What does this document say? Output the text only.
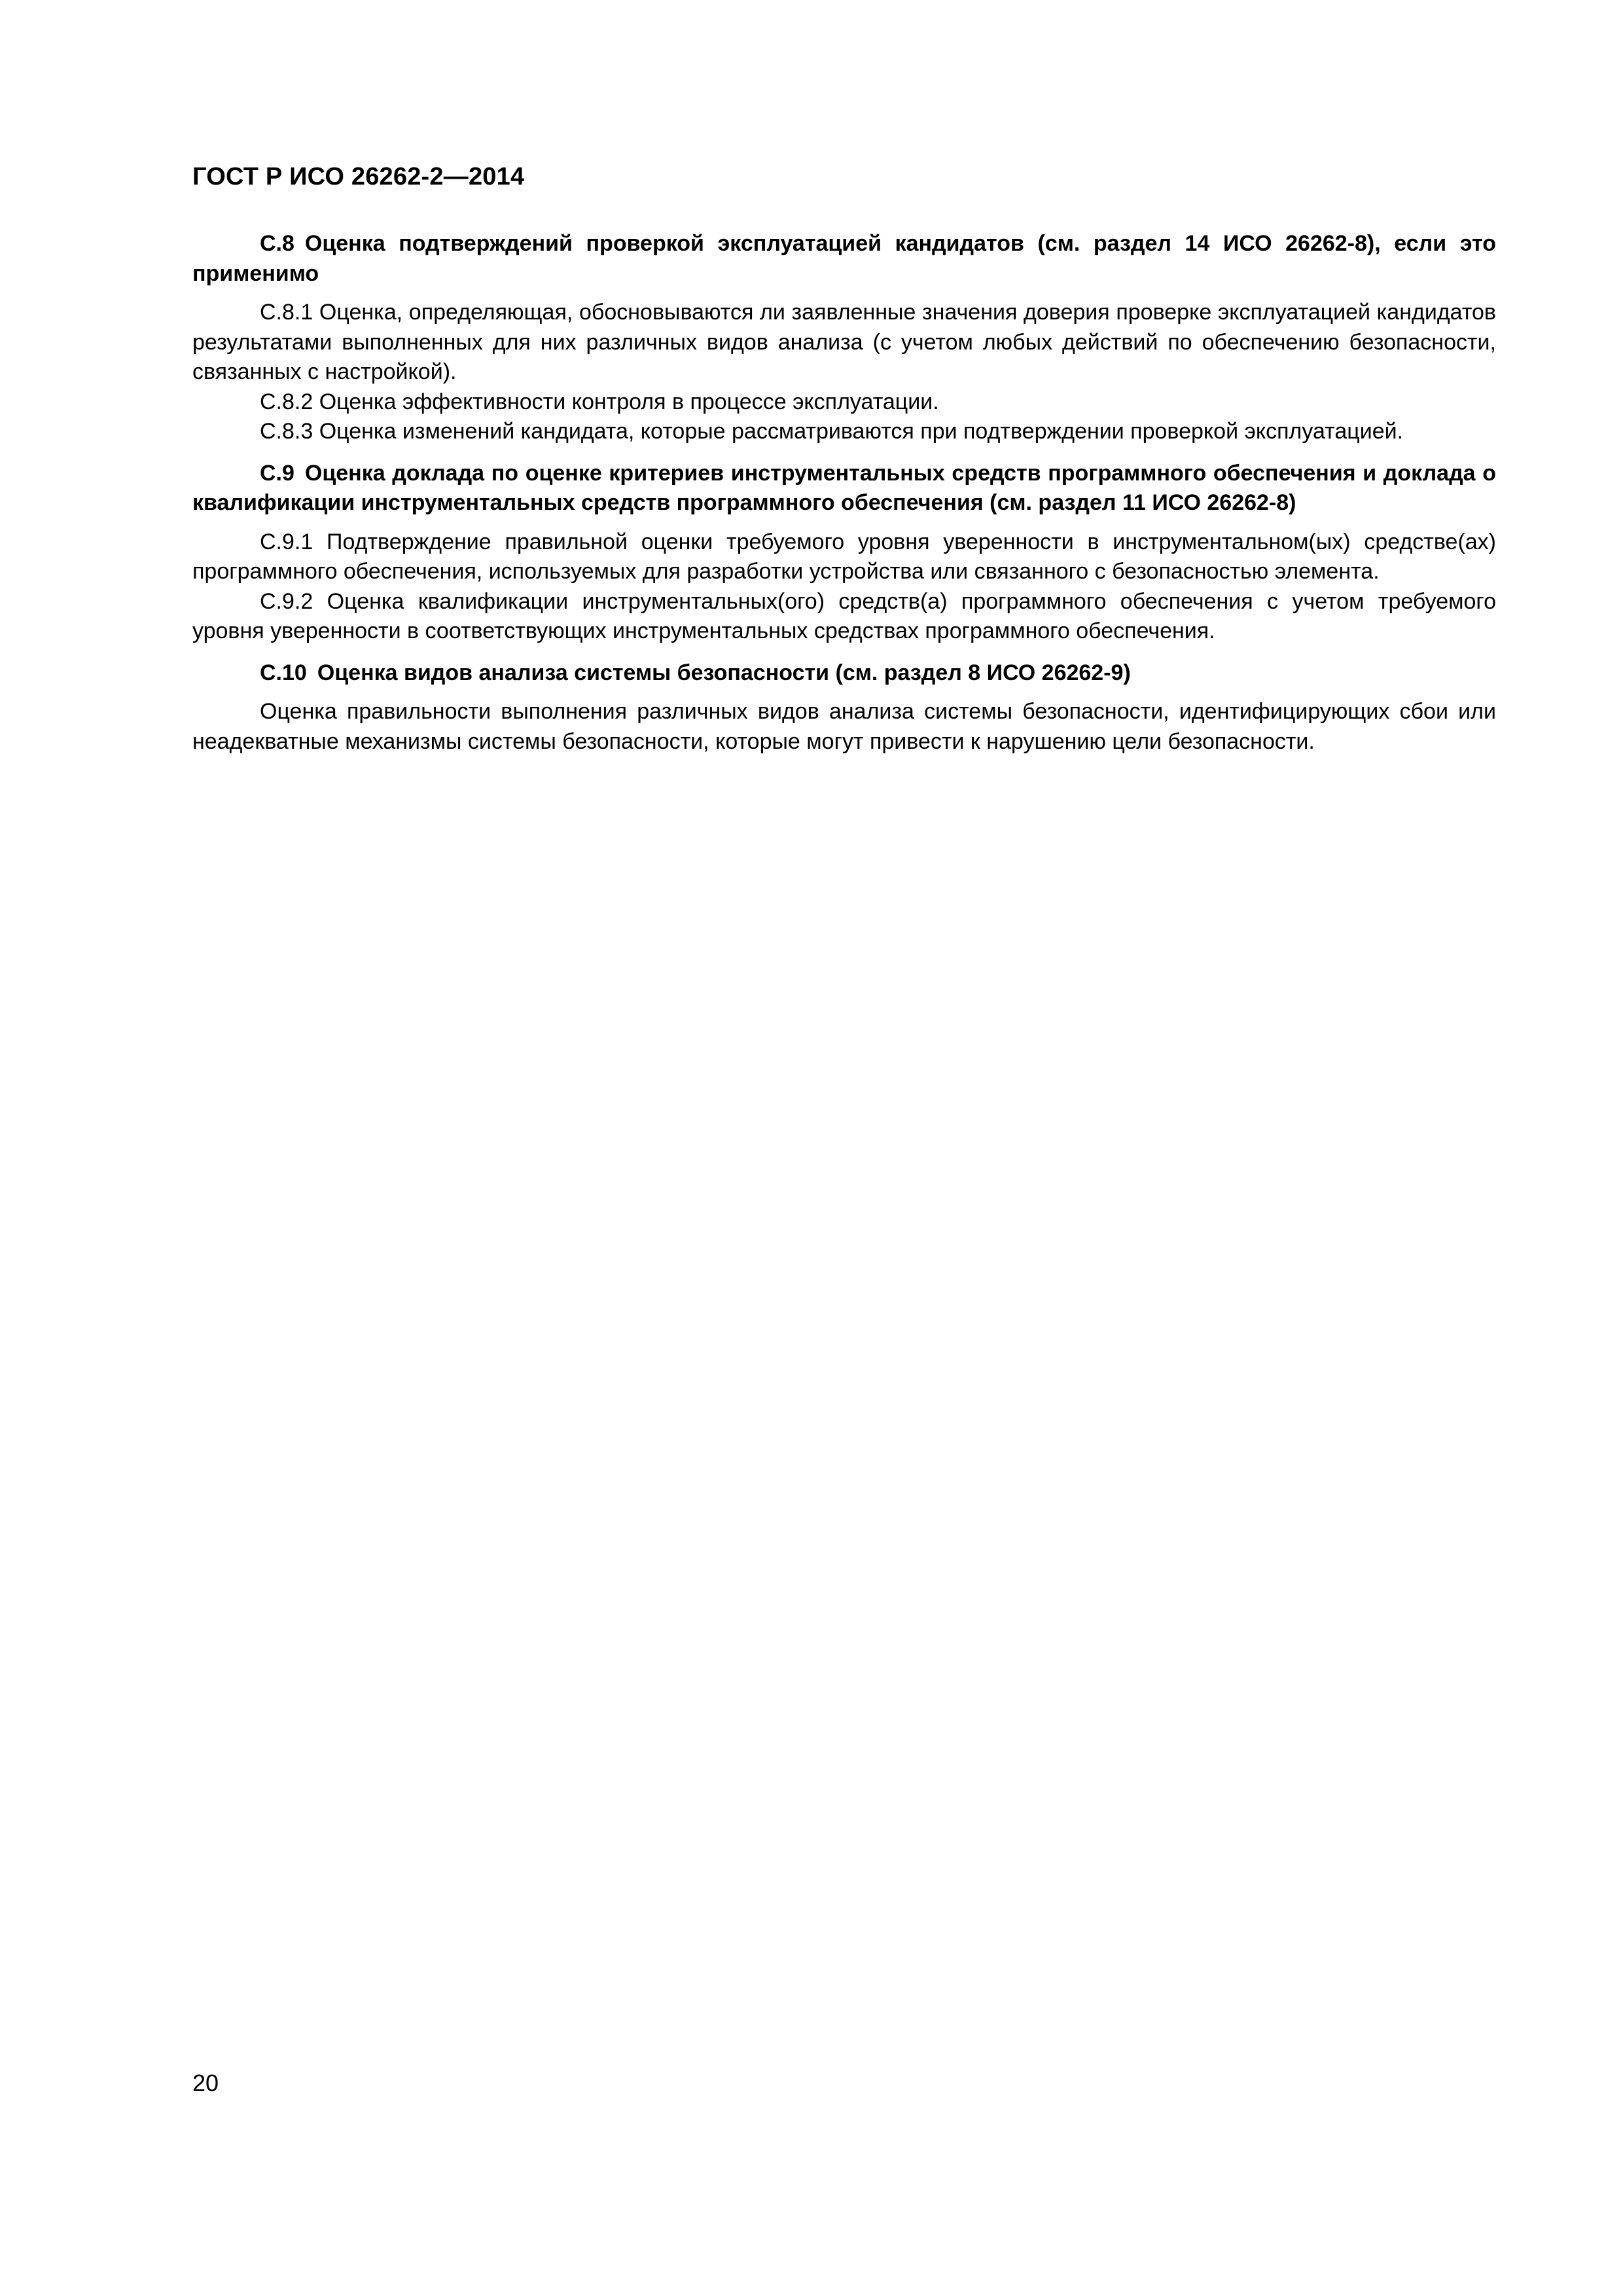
ГОСТ Р ИСО 26262-2—2014
С.8 Оценка подтверждений проверкой эксплуатацией кандидатов (см. раздел 14 ИСО 26262-8), если это применимо

С.8.1 Оценка, определяющая, обосновываются ли заявленные значения доверия проверке эксплуатацией кандидатов результатами выполненных для них различных видов анализа (с учетом любых действий по обеспечению безопасности, связанных с настройкой).

С.8.2 Оценка эффективности контроля в процессе эксплуатации.

С.8.3 Оценка изменений кандидата, которые рассматриваются при подтверждении проверкой эксплуатацией.

С.9 Оценка доклада по оценке критериев инструментальных средств программного обеспечения и доклада о квалификации инструментальных средств программного обеспечения (см. раздел 11 ИСО 26262-8)

С.9.1 Подтверждение правильной оценки требуемого уровня уверенности в инструментальном(ых) средстве(ах) программного обеспечения, используемых для разработки устройства или связанного с безопасностью элемента.

С.9.2 Оценка квалификации инструментальных(ого) средств(а) программного обеспечения с учетом требуемого уровня уверенности в соответствующих инструментальных средствах программного обеспечения.

С.10 Оценка видов анализа системы безопасности (см. раздел 8 ИСО 26262-9)

Оценка правильности выполнения различных видов анализа системы безопасности, идентифицирующих сбои или неадекватные механизмы системы безопасности, которые могут привести к нарушению цели безопасности.

20
